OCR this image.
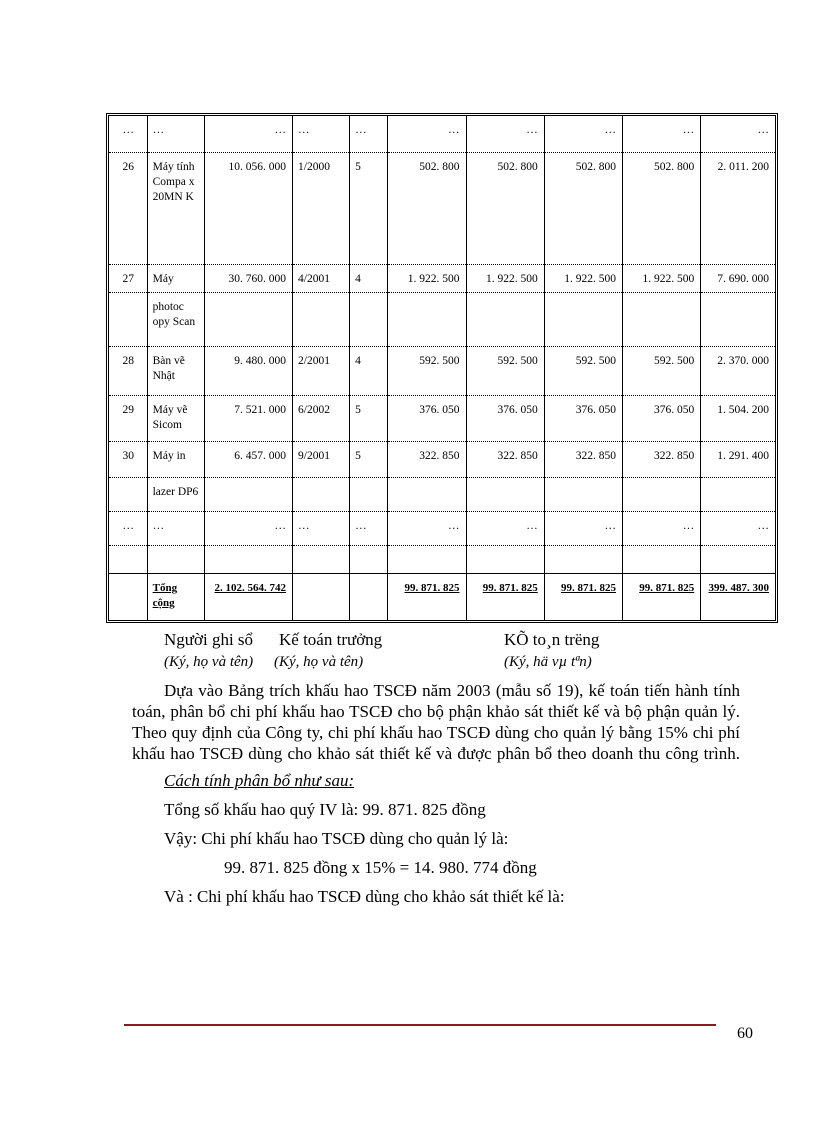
…	…	…	…	…	…	…	…	…	…
26	Máy tính Compa x 20MN K	10. 056. 000	1/2000	5	502. 800	502. 800	502. 800	502. 800	2. 011. 200
27	Máy	30. 760. 000	4/2001	4	1. 922. 500	1. 922. 500	1. 922. 500	1. 922. 500	7. 690. 000
	photoc opy Scan								
28	Bàn vẽ Nhật	9. 480. 000	2/2001	4	592. 500	592. 500	592. 500	592. 500	2. 370. 000
29	Máy vẽ Sicom	7. 521. 000	6/2002	5	376. 050	376. 050	376. 050	376. 050	1. 504. 200
30	Máy in	6. 457. 000	9/2001	5	322. 850	322. 850	322. 850	322. 850	1. 291. 400
	lazer DP6								
…	…	…	…	…	…	…	…	…	…

	Tổng cộng	2. 102. 564. 742			99. 871. 825	99. 871. 825	99. 871. 825	99. 871. 825	399. 487. 300
Người ghi sổ Kế toán trưởng	KÕ to¸n trëng
(Ký, họ và tên) (Ký, họ và tên)	(Ký, hä vµ tªn)

Dựa vào Bảng trích khấu hao TSCĐ năm 2003 (mẫu số 19), kế toán tiến hành tính toán, phân bổ chi phí khấu hao TSCĐ cho bộ phận khảo sát thiết kế và bộ phận quản lý. Theo quy định của Công ty, chi phí khấu hao TSCĐ dùng cho quản lý bằng 15% chi phí khấu hao TSCĐ dùng cho khảo sát thiết kế và được phân bổ theo doanh thu công trình.

Cách tính phân bổ như sau:

Tổng số khấu hao quý IV là: 99. 871. 825 đồng

Vậy: Chi phí khấu hao TSCĐ dùng cho quản lý là:

99. 871. 825 đồng x 15% = 14. 980. 774 đồng

Và : Chi phí khấu hao TSCĐ dùng cho khảo sát thiết kế là:

60
